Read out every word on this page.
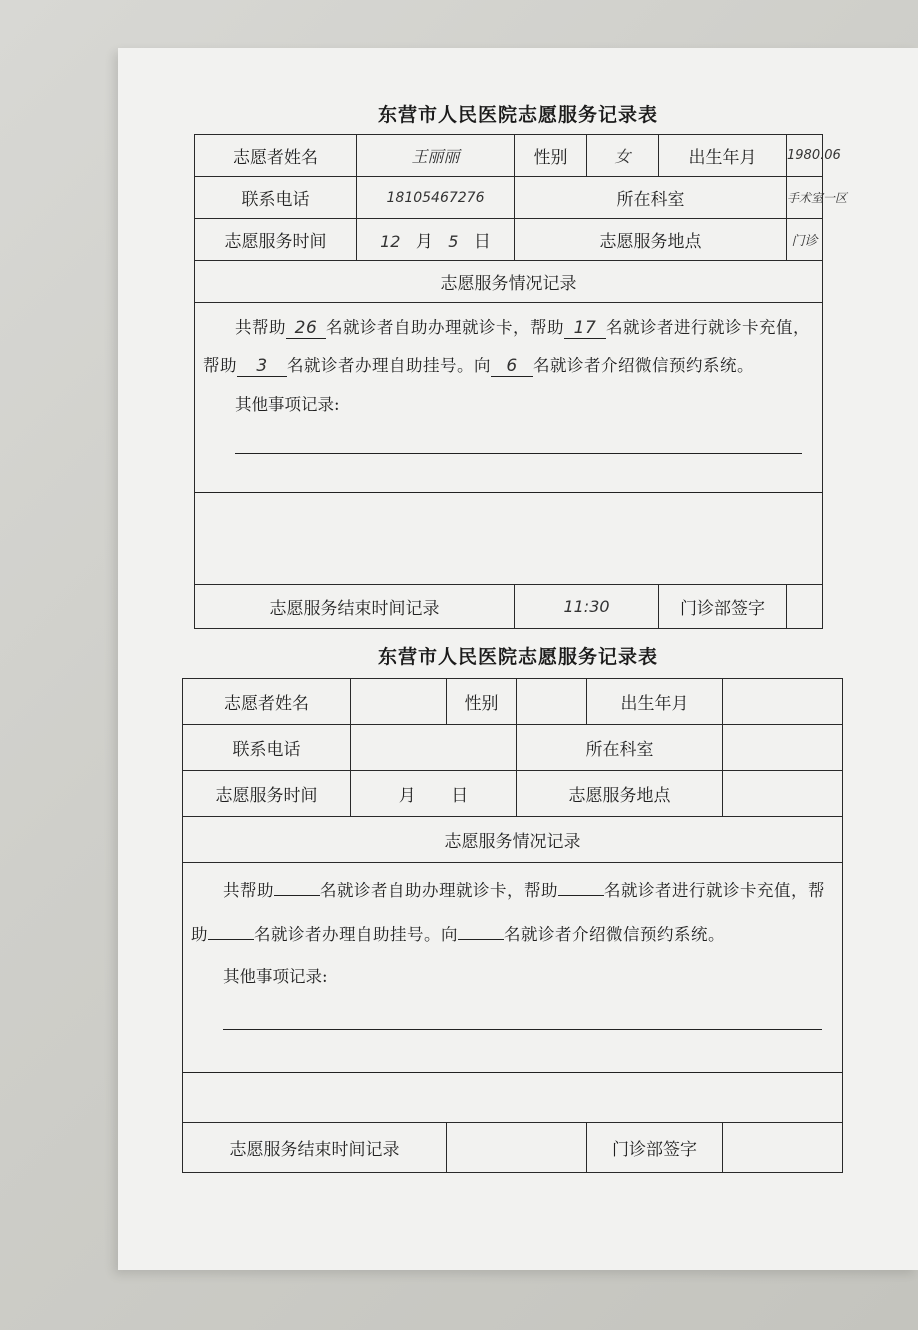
东营市人民医院志愿服务记录表
志愿者姓名	王丽丽	性别	女	出生年月	1980.06
联系电话	18105467276	所在科室			手术室一区
志愿服务时间	12 月 5 日	志愿服务地点			门诊
志愿服务情况记录					

共帮助 26 名就诊者自助办理就诊卡，帮助 17 名就诊者进行就诊卡充值，帮助 3 名就诊者办理自助挂号。向 6 名就诊者介绍微信预约系统。
其他事项记录:					

志愿服务结束时间记录		11:30		门诊部签字	
东营市人民医院志愿服务记录表
志愿者姓名		性别		出生年月	
联系电话			所在科室		
志愿服务时间	月 日		志愿服务地点		
志愿服务情况记录					

共帮助 名就诊者自助办理就诊卡，帮助 名就诊者进行就诊卡充值，帮助 名就诊者办理自助挂号。向 名就诊者介绍微信预约系统。
其他事项记录:					

志愿服务结束时间记录				门诊部签字	
